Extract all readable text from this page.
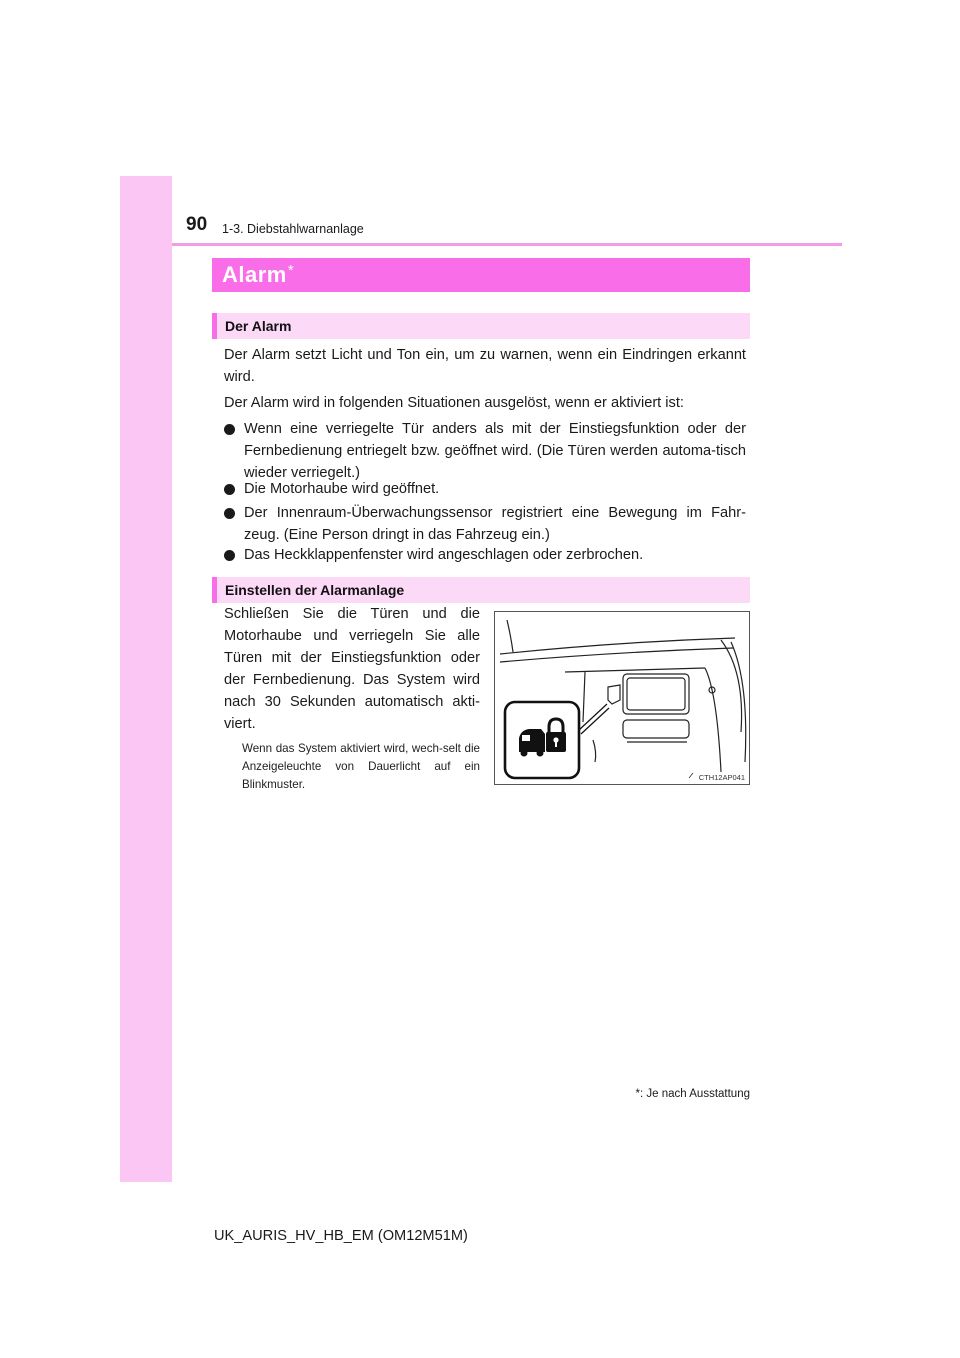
90 1-3. Diebstahlwarnanlage
Alarm*
Der Alarm
Der Alarm setzt Licht und Ton ein, um zu warnen, wenn ein Eindringen erkannt wird.
Der Alarm wird in folgenden Situationen ausgelöst, wenn er aktiviert ist:
Wenn eine verriegelte Tür anders als mit der Einstiegsfunktion oder der Fernbedienung entriegelt bzw. geöffnet wird. (Die Türen werden automa-tisch wieder verriegelt.)
Die Motorhaube wird geöffnet.
Der Innenraum-Überwachungssensor registriert eine Bewegung im Fahr-zeug. (Eine Person dringt in das Fahrzeug ein.)
Das Heckklappenfenster wird angeschlagen oder zerbrochen.
Einstellen der Alarmanlage
Schließen Sie die Türen und die Motorhaube und verriegeln Sie alle Türen mit der Einstiegsfunktion oder der Fernbedienung. Das System wird nach 30 Sekunden automatisch akti-viert.
Wenn das System aktiviert wird, wech-selt die Anzeigeleuchte von Dauerlicht auf ein Blinkmuster.
CTH12AP041
*: Je nach Ausstattung
UK_AURIS_HV_HB_EM (OM12M51M)
